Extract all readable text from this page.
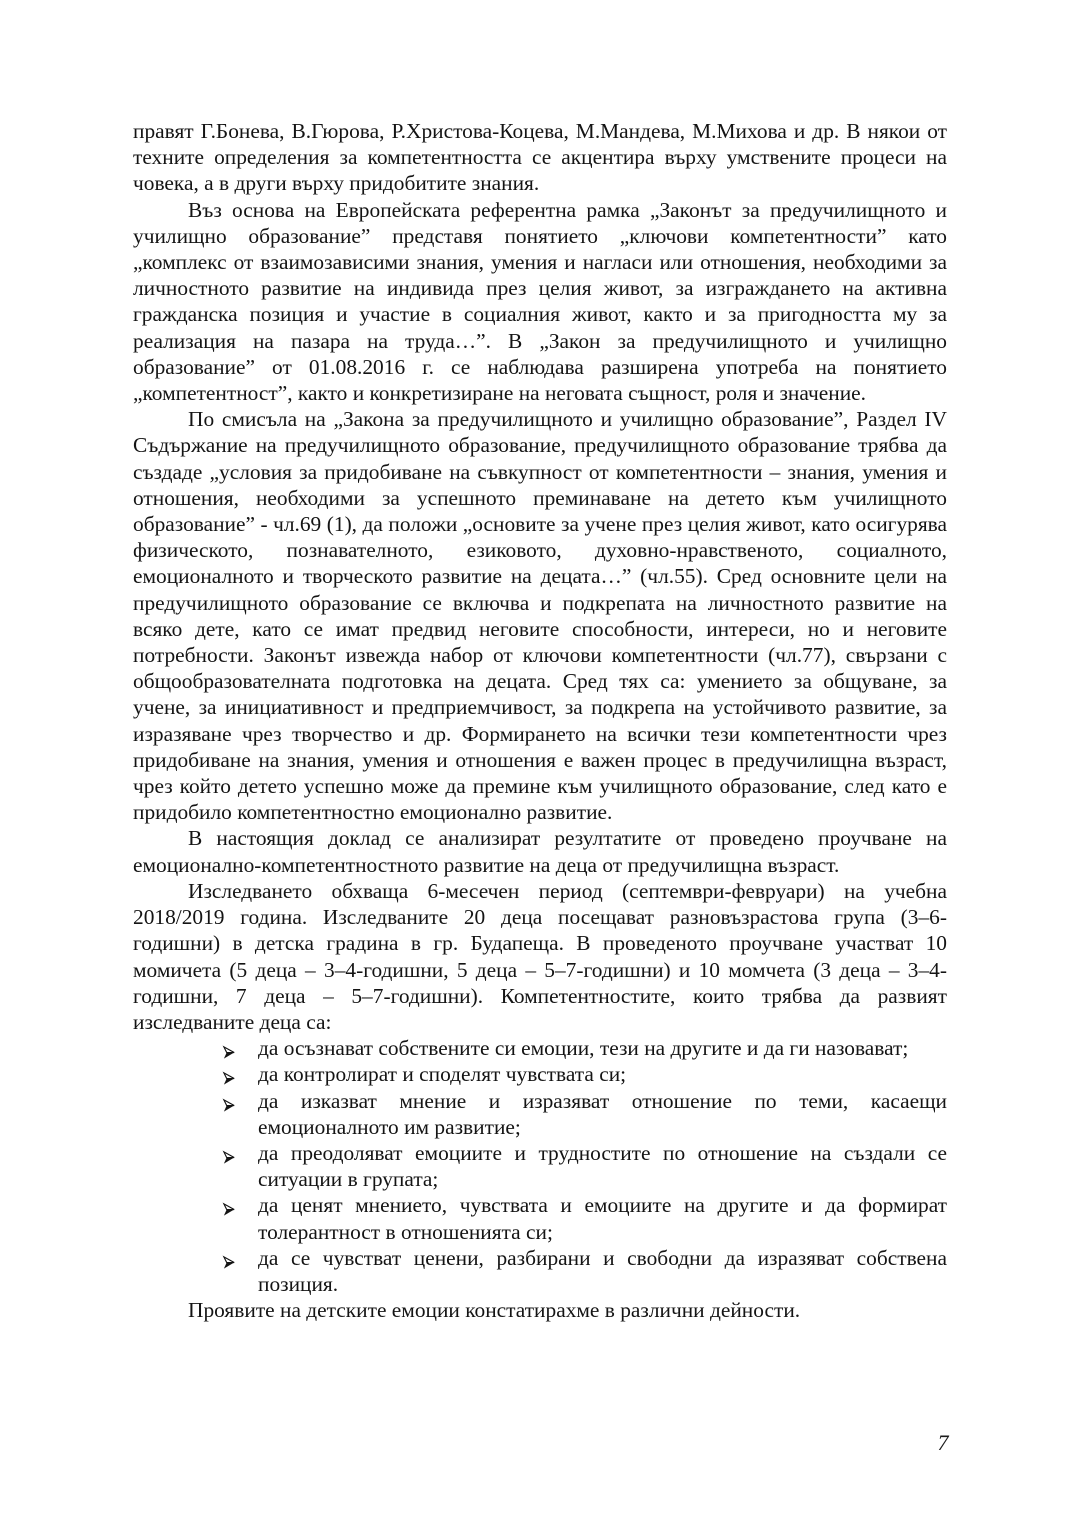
правят Г.Бонева, В.Гюрова, Р.Христова-Коцева, М.Мандева, М.Михова и др. В някои от техните определения за компетентността се акцентира върху умствените процеси на човека, а в други върху придобитите знания.

Въз основа на Европейската референтна рамка „Законът за предучилищното и училищно образование” представя понятието „ключови компетентности” като „комплекс от взаимозависими знания, умения и нагласи или отношения, необходими за личностното развитие на индивида през целия живот, за изграждането на активна гражданска позиция и участие в социалния живот, както и за пригодността му за реализация на пазара на труда…”. В „Закон за предучилищното и училищно образование” от 01.08.2016 г. се наблюдава разширена употреба на понятието „компетентност”, както и конкретизиране на неговата същност, роля и значение.

По смисъла на „Закона за предучилищното и училищно образование”, Раздел IV Съдържание на предучилищното образование, предучилищното образование трябва да създаде „условия за придобиване на съвкупност от компетентности – знания, умения и отношения, необходими за успешното преминаване на детето към училищното образование” - чл.69 (1), да положи „основите за учене през целия живот, като осигурява физическото, познавателното, езиковото, духовно-нравственото, социалното, емоционалното и творческото развитие на децата…” (чл.55). Сред основните цели на предучилищното образование се включва и подкрепата на личностното развитие на всяко дете, като се имат предвид неговите способности, интереси, но и неговите потребности. Законът извежда набор от ключови компетентности (чл.77), свързани с общообразователната подготовка на децата. Сред тях са: умението за общуване, за учене, за инициативност и предприемчивост, за подкрепа на устойчивото развитие, за изразяване чрез творчество и др. Формирането на всички тези компетентности чрез придобиване на знания, умения и отношения е важен процес в предучилищна възраст, чрез който детето успешно може да премине към училищното образование, след като е придобило компетентностно емоционално развитие.

В настоящия доклад се анализират резултатите от проведено проучване на емоционално-компетентностното развитие на деца от предучилищна възраст.

Изследването обхваща 6-месечен период (септември-февруари) на учебна 2018/2019 година. Изследваните 20 деца посещават разновъзрастова група (3–6-годишни) в детска градина в гр. Будапеща. В проведеното проучване участват 10 момичета (5 деца – 3–4-годишни, 5 деца – 5–7-годишни) и 10 момчета (3 деца – 3–4-годишни, 7 деца – 5–7-годишни). Компетентностите, които трябва да развият изследваните деца са:

да осъзнават собствените си емоции, тези на другите и да ги назовават;
да контролират и споделят чувствата си;
да изказват мнение и изразяват отношение по теми, касаещи емоционалното им развитие;
да преодоляват емоциите и трудностите по отношение на създали се ситуации в групата;
да ценят мнението, чувствата и емоциите на другите и да формират толерантност в отношенията си;
да се чувстват ценени, разбирани и свободни да изразяват собствена позиция.

Проявите на детските емоции констатирахме в различни дейности.

7
